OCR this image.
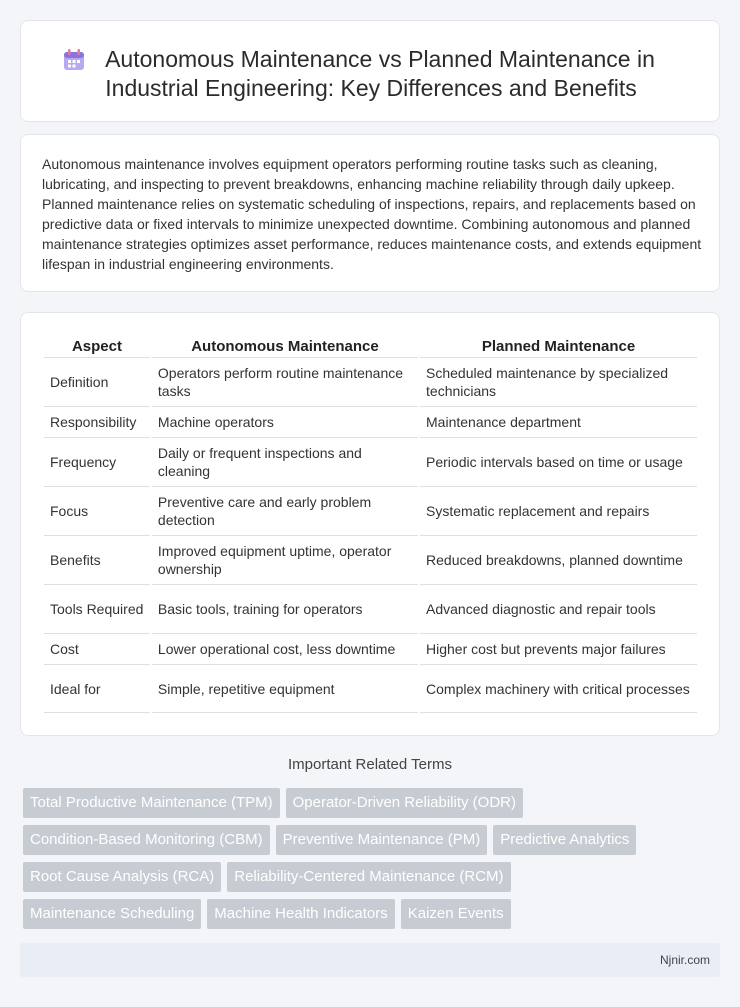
Autonomous Maintenance vs Planned Maintenance in
Industrial Engineering: Key Differences and Benefits

Autonomous maintenance involves equipment operators performing routine tasks such as cleaning, lubricating, and inspecting to prevent breakdowns, enhancing machine reliability through daily upkeep. Planned maintenance relies on systematic scheduling of inspections, repairs, and replacements based on predictive data or fixed intervals to minimize unexpected downtime. Combining autonomous and planned maintenance strategies optimizes asset performance, reduces maintenance costs, and extends equipment lifespan in industrial engineering environments.

Aspect	Autonomous Maintenance	Planned Maintenance
Definition	Operators perform routine maintenance tasks	Scheduled maintenance by specialized technicians
Responsibility	Machine operators	Maintenance department
Frequency	Daily or frequent inspections and cleaning	Periodic intervals based on time or usage
Focus	Preventive care and early problem detection	Systematic replacement and repairs
Benefits	Improved equipment uptime, operator ownership	Reduced breakdowns, planned downtime
Tools Required	Basic tools, training for operators	Advanced diagnostic and repair tools
Cost	Lower operational cost, less downtime	Higher cost but prevents major failures
Ideal for	Simple, repetitive equipment	Complex machinery with critical processes
Important Related Terms
Total Productive Maintenance (TPM)	Operator-Driven Reliability (ODR)
Condition-Based Monitoring (CBM)	Preventive Maintenance (PM)	Predictive Analytics
Root Cause Analysis (RCA)	Reliability-Centered Maintenance (RCM)
Maintenance Scheduling	Machine Health Indicators	Kaizen Events
Njnir.com
